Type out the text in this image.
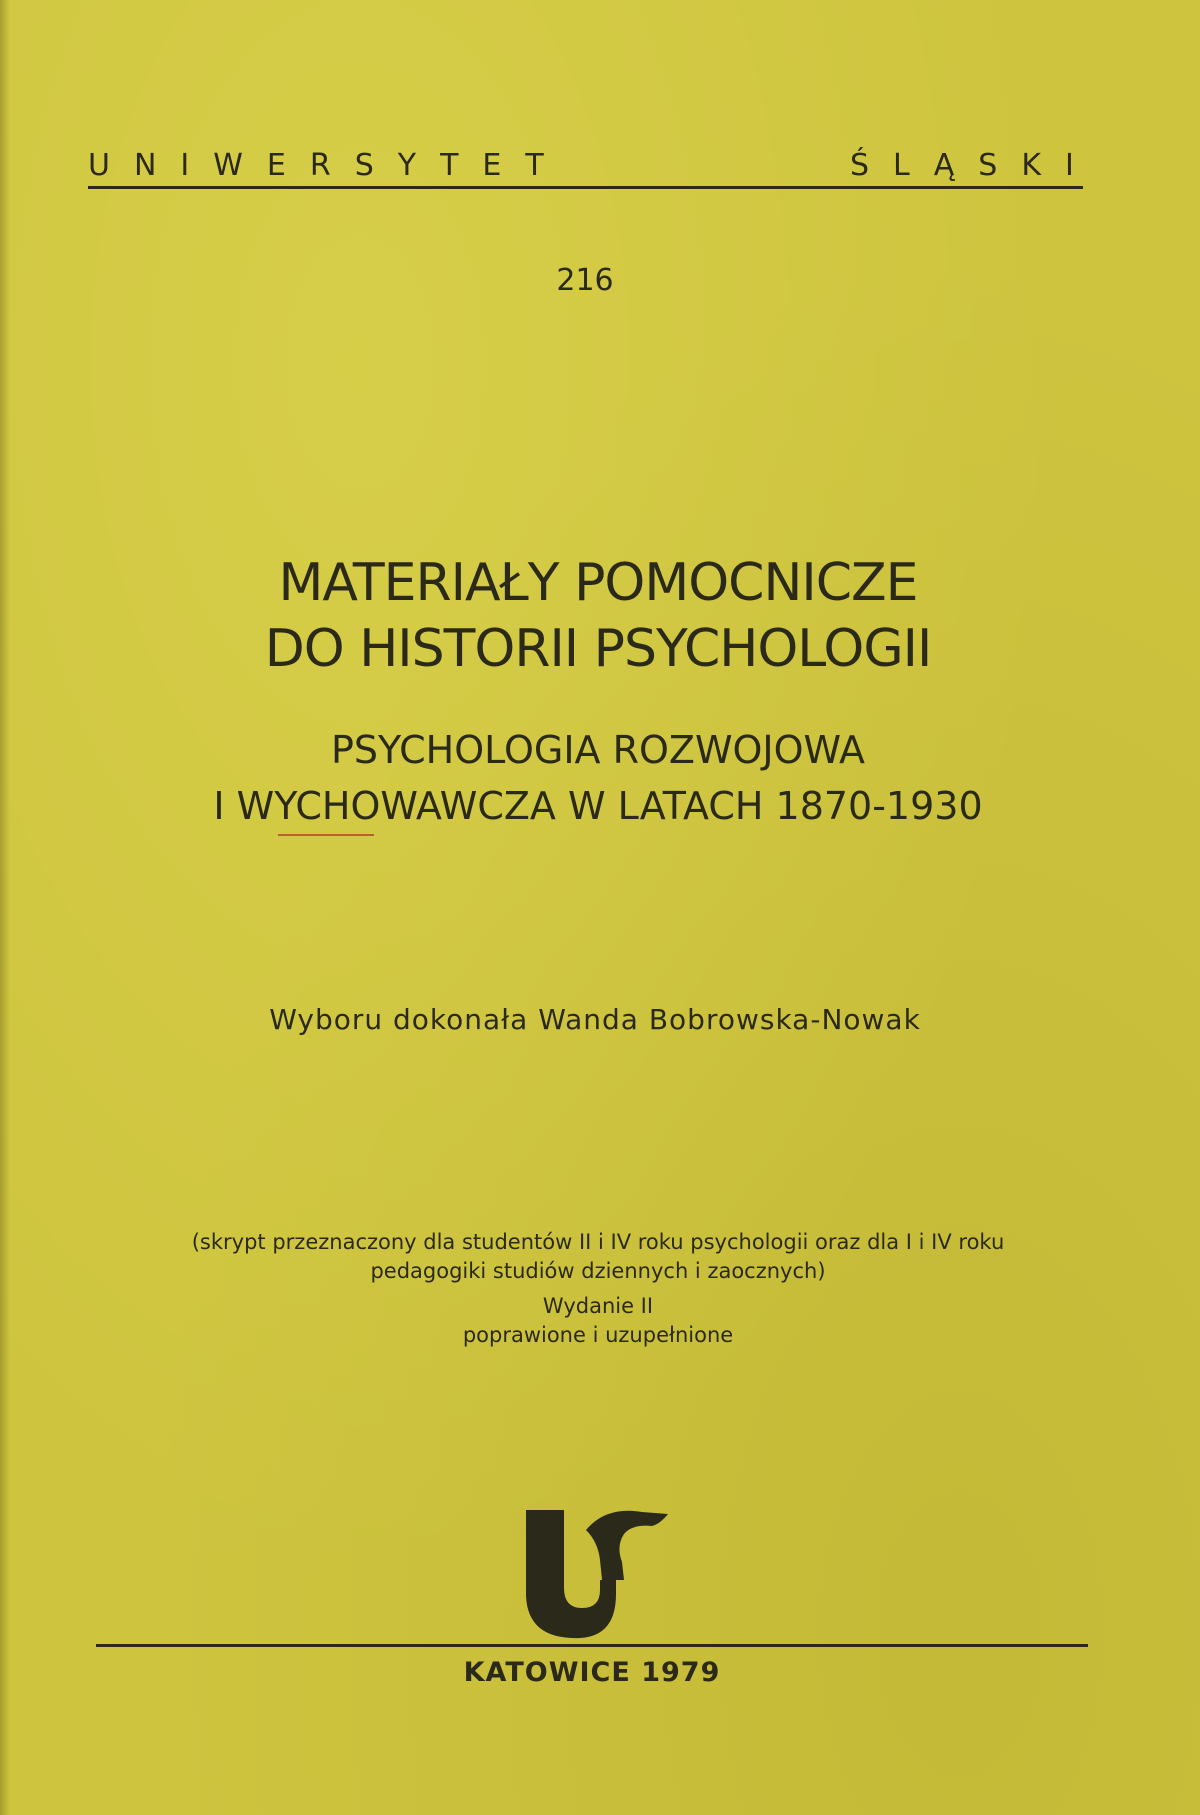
UNIWERSYTET	ŚLĄSKI
216
MATERIAŁY POMOCNICZE
DO HISTORII PSYCHOLOGII
PSYCHOLOGIA ROZWOJOWA
I WYCHOWAWCZA W LATACH 1870-1930
Wyboru dokonała Wanda Bobrowska-Nowak
(skrypt przeznaczony dla studentów II i IV roku psychologii oraz dla I i IV roku
pedagogiki studiów dziennych i zaocznych)
Wydanie II
poprawione i uzupełnione
KATOWICE 1979
